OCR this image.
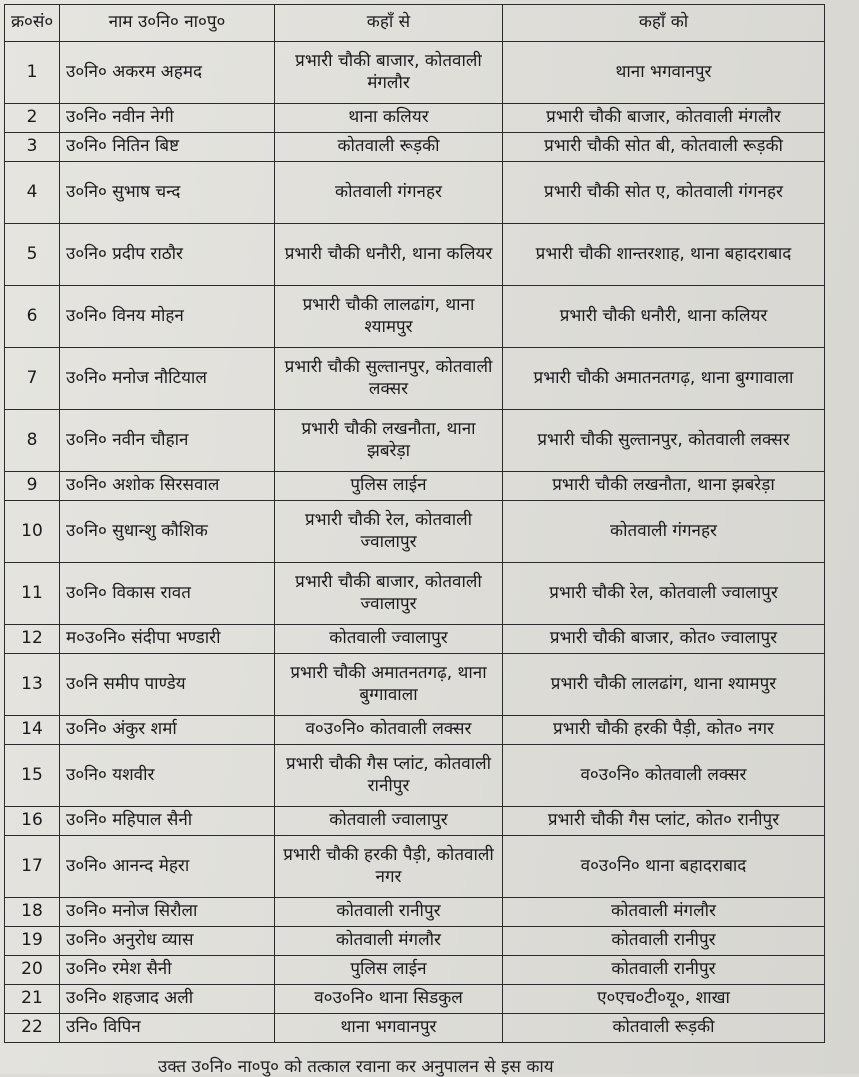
क्र०सं०	नाम उ०नि० ना०पु०	कहाँ से	कहाँ को
1	उ०नि० अकरम अहमद	प्रभारी चौकी बाजार, कोतवाली मंगलौर	थाना भगवानपुर
2	उ०नि० नवीन नेगी	थाना कलियर	प्रभारी चौकी बाजार, कोतवाली मंगलौर
3	उ०नि० नितिन बिष्ट	कोतवाली रूड़की	प्रभारी चौकी सोत बी, कोतवाली रूड़की
4	उ०नि० सुभाष चन्द	कोतवाली गंगनहर	प्रभारी चौकी सोत ए, कोतवाली गंगनहर
5	उ०नि० प्रदीप राठौर	प्रभारी चौकी धनौरी, थाना कलियर	प्रभारी चौकी शान्तरशाह, थाना बहादराबाद
6	उ०नि० विनय मोहन	प्रभारी चौकी लालढांग, थाना श्यामपुर	प्रभारी चौकी धनौरी, थाना कलियर
7	उ०नि० मनोज नौटियाल	प्रभारी चौकी सुल्तानपुर, कोतवाली लक्सर	प्रभारी चौकी अमातनतगढ़, थाना बुग्गावाला
8	उ०नि० नवीन चौहान	प्रभारी चौकी लखनौता, थाना झबरेड़ा	प्रभारी चौकी सुल्तानपुर, कोतवाली लक्सर
9	उ०नि० अशोक सिरसवाल	पुलिस लाईन	प्रभारी चौकी लखनौता, थाना झबरेड़ा
10	उ०नि० सुधान्शु कौशिक	प्रभारी चौकी रेल, कोतवाली ज्वालापुर	कोतवाली गंगनहर
11	उ०नि० विकास रावत	प्रभारी चौकी बाजार, कोतवाली ज्वालापुर	प्रभारी चौकी रेल, कोतवाली ज्वालापुर
12	म०उ०नि० संदीपा भण्डारी	कोतवाली ज्वालापुर	प्रभारी चौकी बाजार, कोत० ज्वालापुर
13	उ०नि समीप पाण्डेय	प्रभारी चौकी अमातनतगढ़, थाना बुग्गावाला	प्रभारी चौकी लालढांग, थाना श्यामपुर
14	उ०नि० अंकुर शर्मा	व०उ०नि० कोतवाली लक्सर	प्रभारी चौकी हरकी पैड़ी, कोत० नगर
15	उ०नि० यशवीर	प्रभारी चौकी गैस प्लांट, कोतवाली रानीपुर	व०उ०नि० कोतवाली लक्सर
16	उ०नि० महिपाल सैनी	कोतवाली ज्वालापुर	प्रभारी चौकी गैस प्लांट, कोत० रानीपुर
17	उ०नि० आनन्द मेहरा	प्रभारी चौकी हरकी पैड़ी, कोतवाली नगर	व०उ०नि० थाना बहादराबाद
18	उ०नि० मनोज सिरौला	कोतवाली रानीपुर	कोतवाली मंगलौर
19	उ०नि० अनुरोध व्यास	कोतवाली मंगलौर	कोतवाली रानीपुर
20	उ०नि० रमेश सैनी	पुलिस लाईन	कोतवाली रानीपुर
21	उ०नि० शहजाद अली	व०उ०नि० थाना सिडकुल	ए०एच०टी०यू०, शाखा
22	उनि० विपिन	थाना भगवानपुर	कोतवाली रूड़की
उक्त उ०नि० ना०पु० को तत्काल रवाना कर अनुपालन से इस काय
